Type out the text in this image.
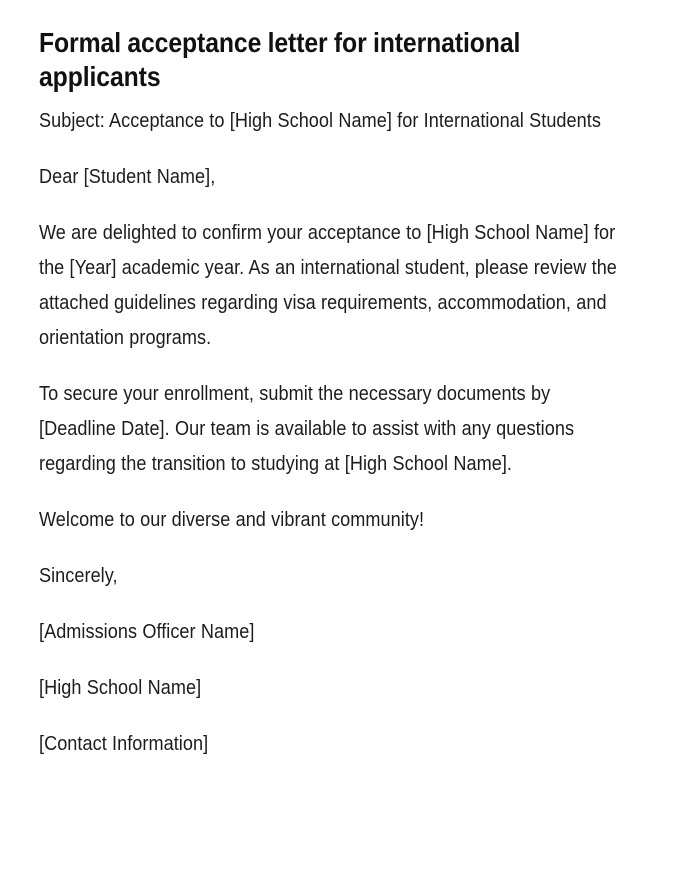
Formal acceptance letter for international applicants

Subject: Acceptance to [High School Name] for International Students

Dear [Student Name],

We are delighted to confirm your acceptance to [High School Name] for the [Year] academic year. As an international student, please review the attached guidelines regarding visa requirements, accommodation, and orientation programs.

To secure your enrollment, submit the necessary documents by [Deadline Date]. Our team is available to assist with any questions regarding the transition to studying at [High School Name].

Welcome to our diverse and vibrant community!

Sincerely,

[Admissions Officer Name]

[High School Name]

[Contact Information]
